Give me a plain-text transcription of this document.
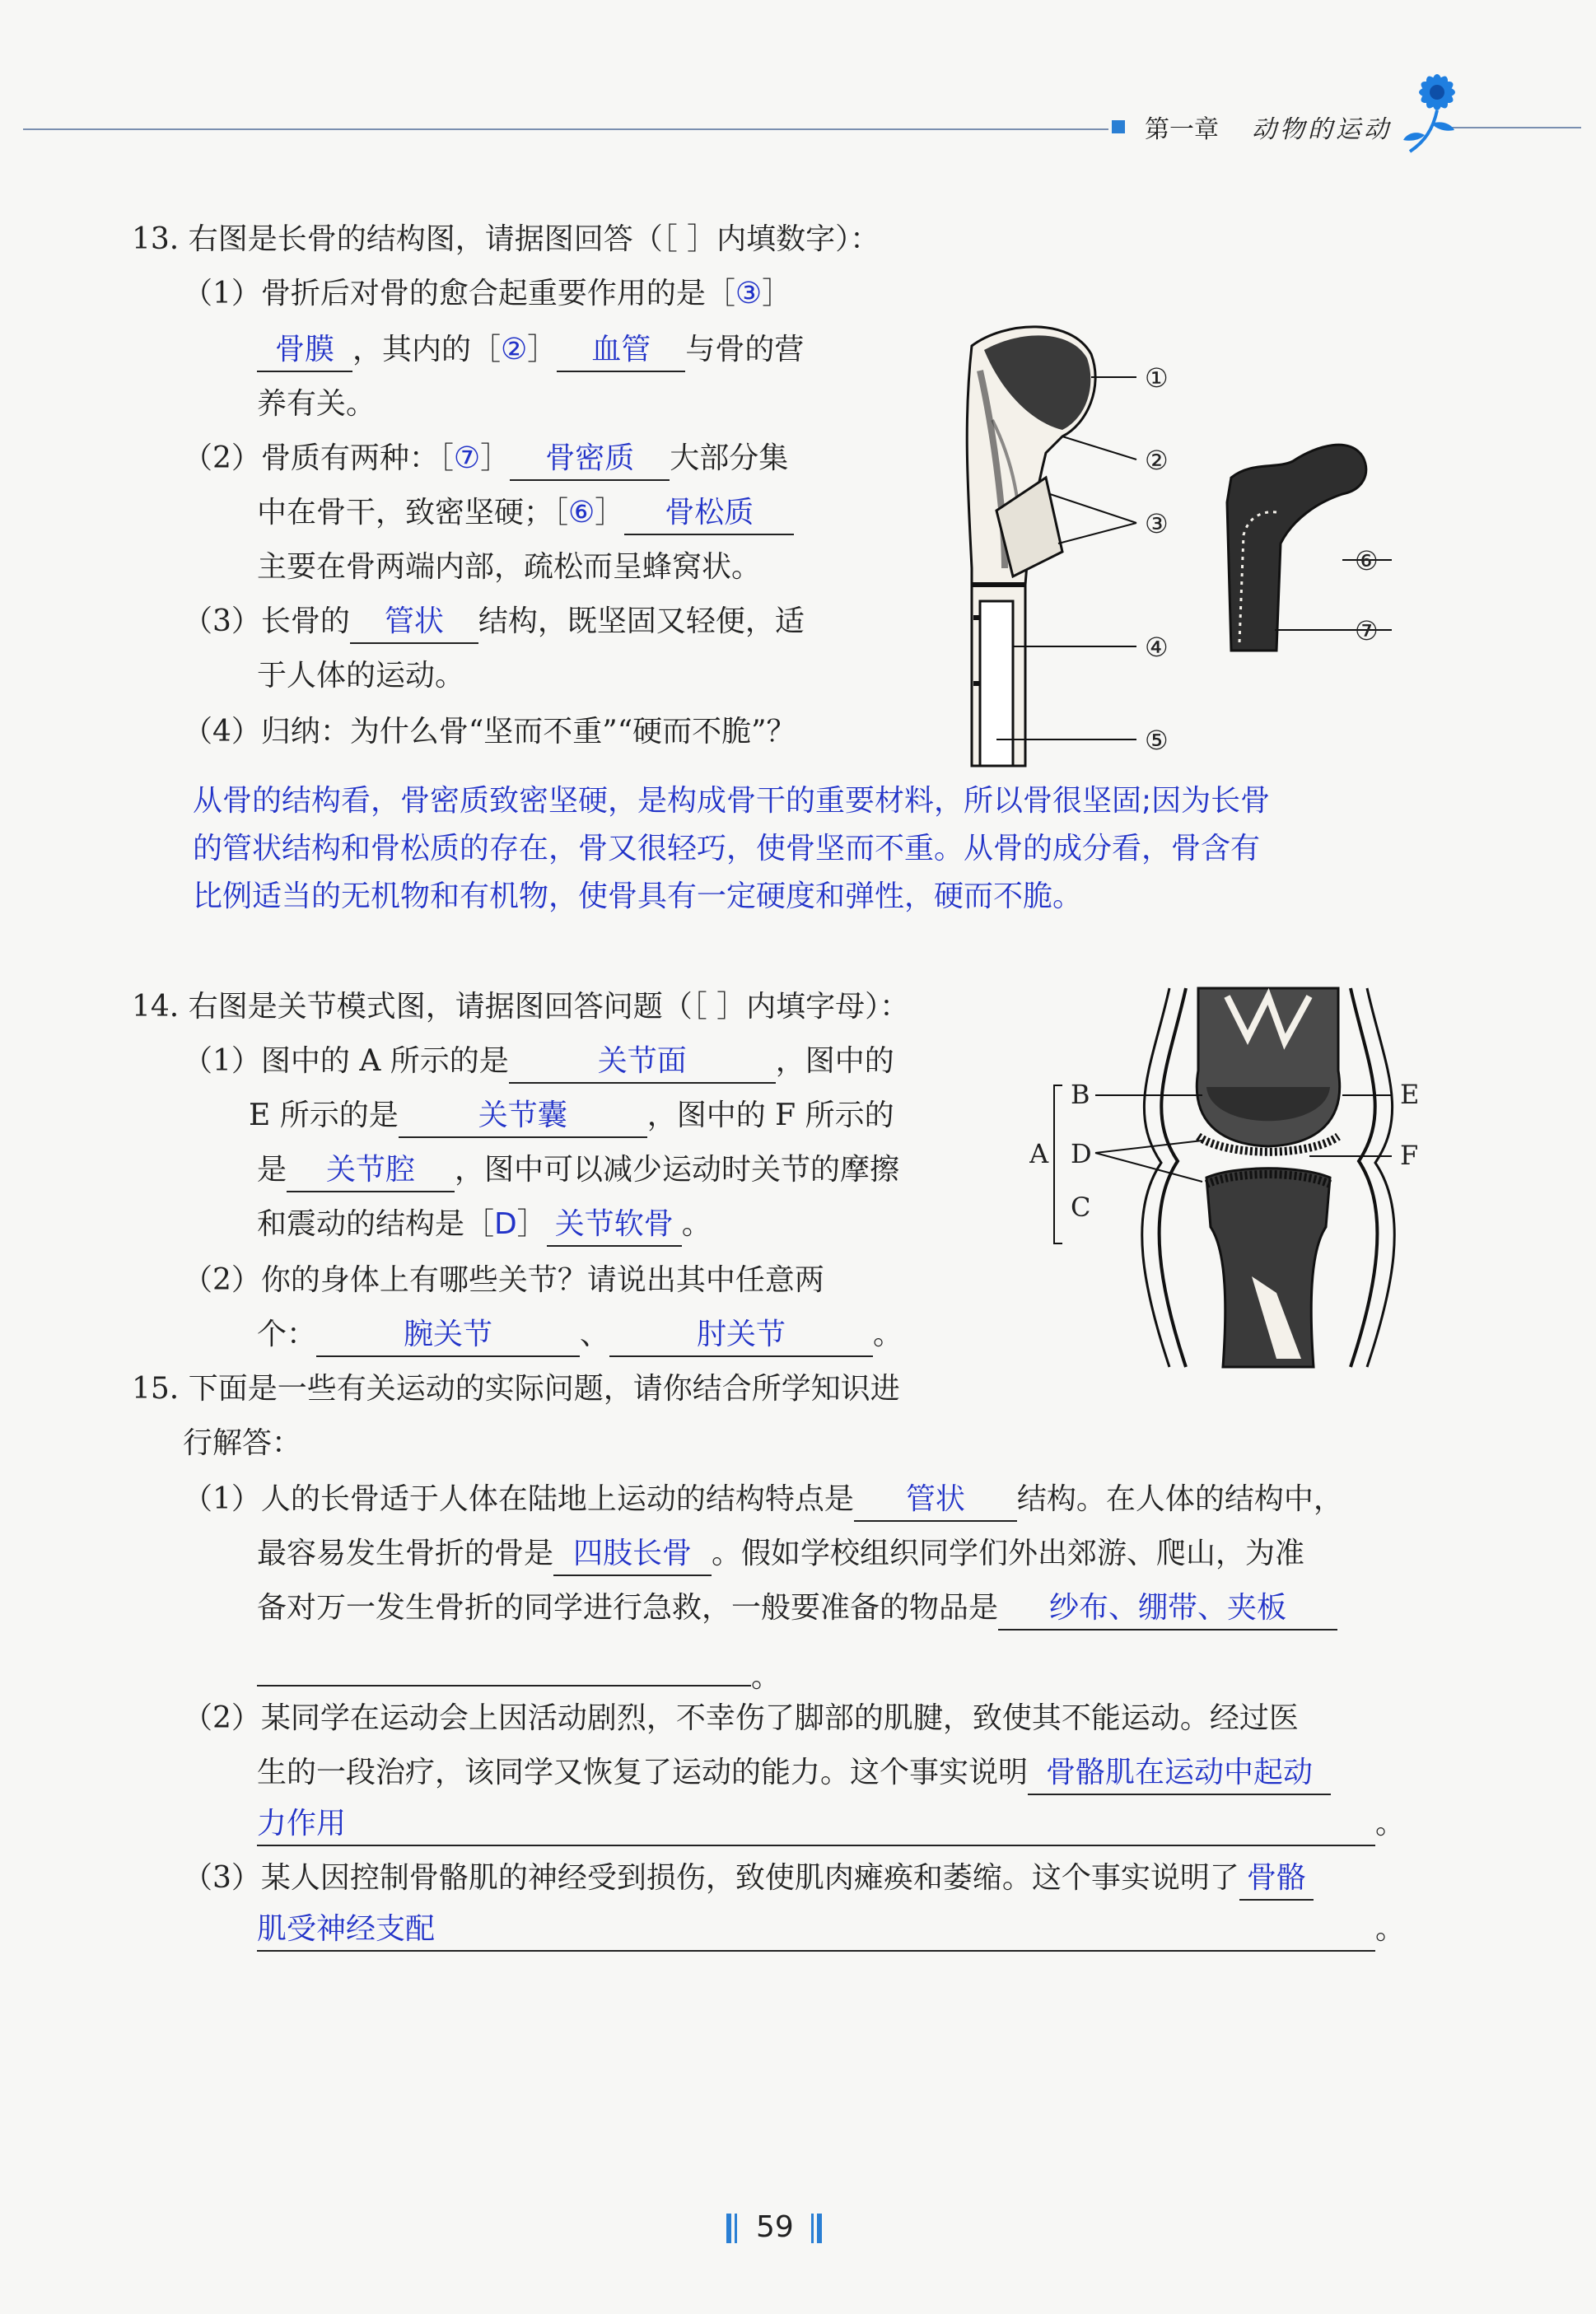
第一章 动物的运动
13. 右图是长骨的结构图，请据图回答（［ ］内填数字）：
（1）骨折后对骨的愈合起重要作用的是［③］
骨膜 ，其内的［②］ 血管 与骨的营
养有关。
（2）骨质有两种：［⑦］ 骨密质 大部分集
中在骨干，致密坚硬；［⑥］ 骨松质
主要在骨两端内部，疏松而呈蜂窝状。
（3）长骨的 管状 结构，既坚固又轻便，适
于人体的运动。
（4）归纳：为什么骨“坚而不重”“硬而不脆”？
从骨的结构看，骨密质致密坚硬，是构成骨干的重要材料，所以骨很坚固;因为长骨
的管状结构和骨松质的存在，骨又很轻巧，使骨坚而不重。从骨的成分看，骨含有
比例适当的无机物和有机物，使骨具有一定硬度和弹性，硬而不脆。
①
②
③
④
⑤
⑥
⑦
14. 右图是关节模式图，请据图回答问题（［ ］内填字母）：
（1）图中的 A 所示的是	关节面	，图中的
E 所示的是	关节囊	，图中的 F 所示的
是 关节腔 ，图中可以减少运动时关节的摩擦
和震动的结构是［D］ 关节软骨 。
（2）你的身体上有哪些关节？请说出其中任意两
个：	腕关节	、	肘关节	。
A
B
C
D
E
F
15. 下面是一些有关运动的实际问题，请你结合所学知识进
行解答：
（1）人的长骨适于人体在陆地上运动的结构特点是 管状 结构。在人体的结构中，
最容易发生骨折的骨是 四肢长骨 。假如学校组织同学们外出郊游、爬山，为准
备对万一发生骨折的同学进行急救，一般要准备的物品是 纱布、绷带、夹板
。
（2）某同学在运动会上因活动剧烈，不幸伤了脚部的肌腱，致使其不能运动。经过医
生的一段治疗，该同学又恢复了运动的能力。这个事实说明 骨骼肌在运动中起动
力作用	。
（3）某人因控制骨骼肌的神经受到损伤，致使肌肉瘫痪和萎缩。这个事实说明了 骨骼
肌受神经支配	。
59
